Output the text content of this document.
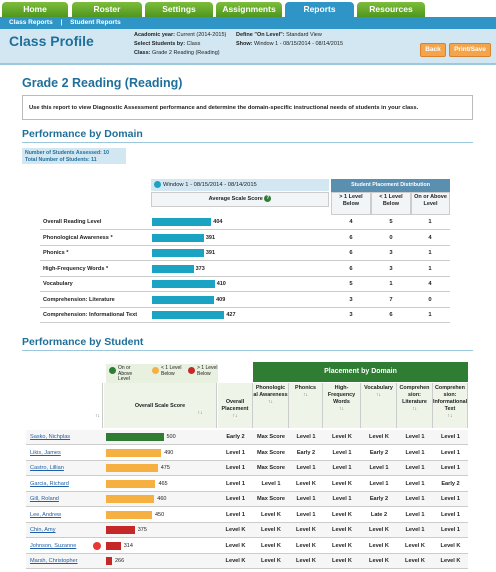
Home	Roster	Settings	Assignments	Reports	Resources
Class Reports | Student Reports
Class Profile	Acadomic year: Current (2014-2015)
Select Students by: Class
Class: Grade 2 Reading (Reading)
Define "On Level": Standard View
Show: Window 1 - 08/15/2014 - 08/14/2015
Back	Print/Save
Grade 2 Reading (Reading)
Use this report to view Diagnostic Assessment performance and determine the domain-specific instructional needs of students in your class.
Performance by Domain
Number of Students Assessed: 10
Total Number of Students: 11
Window 1 - 08/15/2014 - 08/14/2015
Average Scale Score ?
Student Placement Distribution
> 1 Level Below
< 1 Level Below
On or Above Level
Overall Reading Level	404	4	5	1
Phonological Awareness *	391	6	0	4
Phonics *	391	6	3	1
High-Frequency Words *	373	6	3	1
Vocabulary	410	5	1	4
Comprehension: Literature	409	3	7	0
Comprehension: Informational Text	427	3	6	1
Performance by Student
On or Above Level
< 1 Level Below
> 1 Level Below	Placement by Domain
↑↓
Overall Scale Score
↑↓
Overall Placement
↑↓
Phonologic al Awareness
↑↓
Phonics
↑↓
High-Frequency Words
↑↓
Vocabulary
↑↓
Comprehen sion: Literature
↑↓
Comprehen sion: Informational Text
↑↓
Sasko, Nichplas	500	Early 2	Max Score	Level 1	Level K	Level K	Level 1	Level 1
Likis, James	490	Level 1	Max Score	Early 2	Level 1	Early 2	Level 1	Level 1
Castro, Lillian	475	Level 1	Max Score	Level 1	Level 1	Level 1	Level 1	Level 1
Garcia, Richard	465	Level 1	Level 1	Level K	Level K	Level 1	Level 1	Early 2
Gill, Roland	460	Level 1	Max Score	Level 1	Level 1	Early 2	Level 1	Level 1
Lee, Andrew	450	Level 1	Level K	Level 1	Level K	Late 2	Level 1	Level 1
Chin, Amy	375	Level K	Level K	Level K	Level K	Level K	Level 1	Level 1
Johnson, Suzanne	314	Level K	Level K	Level K	Level K	Level K	Level K	Level K
Marsh, Christopher	266	Level K	Level K	Level K	Level K	Level K	Level K	Level K
